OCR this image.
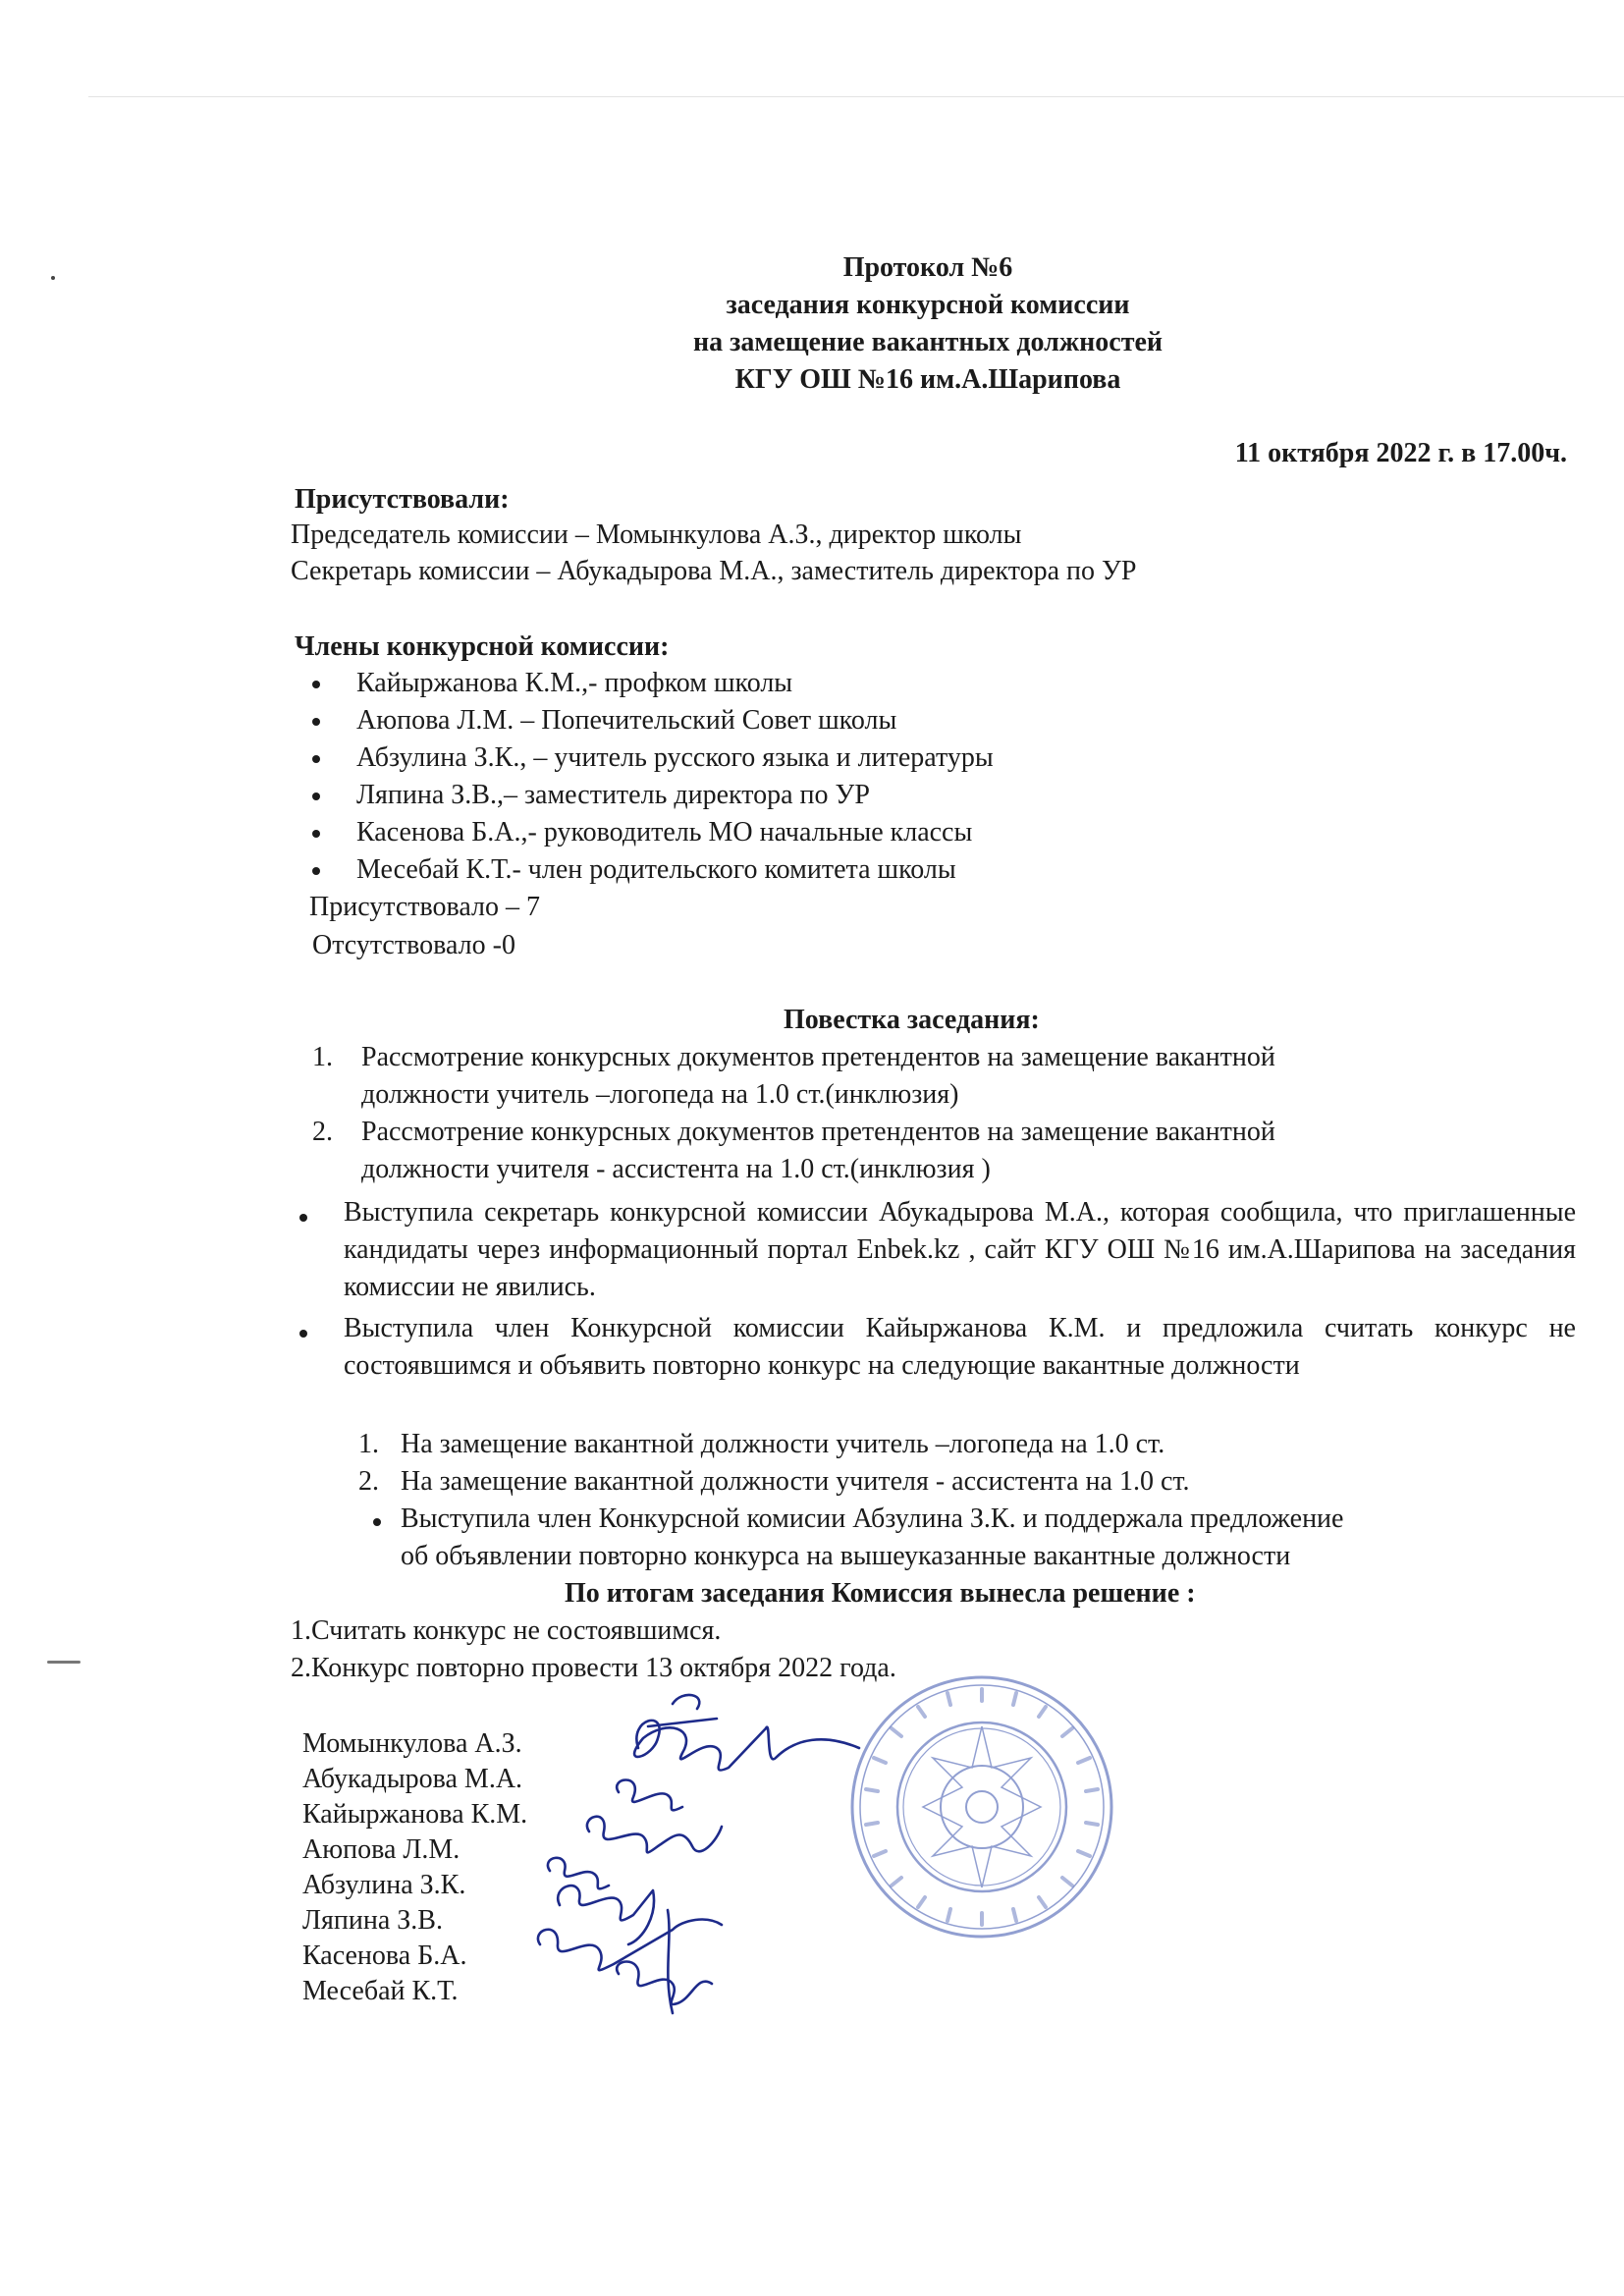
Протокол №6
заседания конкурсной комиссии
на замещение вакантных должностей
КГУ ОШ №16 им.А.Шарипова
11 октября 2022 г. в 17.00ч.
Присутствовали:
Председатель комиссии – Момынкулова А.З., директор школы
Секретарь комиссии – Абукадырова М.А., заместитель директора по УР
Члены конкурсной комиссии:
Кайыржанова К.М.,- профком школы
Аюпова Л.М. – Попечительский Совет школы
Абзулина З.К., – учитель русского языка и литературы
Ляпина З.В.,– заместитель директора по УР
Касенова Б.А.,- руководитель МО начальные классы
Месебай К.Т.- член родительского комитета школы
Присутствовало – 7
Отсутствовало -0
Повестка заседания:
1. Рассмотрение конкурсных документов претендентов на замещение вакантной
должности учитель –логопеда на 1.0 ст.(инклюзия)
2. Рассмотрение конкурсных документов претендентов на замещение вакантной
должности учителя - ассистента на 1.0 ст.(инклюзия )
Выступила секретарь конкурсной комиссии Абукадырова М.А., которая сообщила, что приглашенные кандидаты через информационный портал Enbek.kz , сайт КГУ ОШ №16 им.А.Шарипова на заседания комиссии не явились.
Выступила член Конкурсной комиссии Кайыржанова К.М. и предложила считать конкурс не состоявшимся и объявить повторно конкурс на следующие вакантные должности
1. На замещение вакантной должности учитель –логопеда на 1.0 ст.
2. На замещение вакантной должности учителя - ассистента на 1.0 ст.
Выступила член Конкурсной комисии Абзулина З.К. и поддержала предложение
об объявлении повторно конкурса на вышеуказанные вакантные должности
По итогам заседания Комиссия вынесла решение :
1.Считать конкурс не состоявшимся.
2.Конкурс повторно провести 13 октября 2022 года.
Момынкулова А.З.
Абукадырова М.А.
Кайыржанова К.М.
Аюпова Л.М.
Абзулина З.К.
Ляпина З.В.
Касенова Б.А.
Месебай К.Т.
